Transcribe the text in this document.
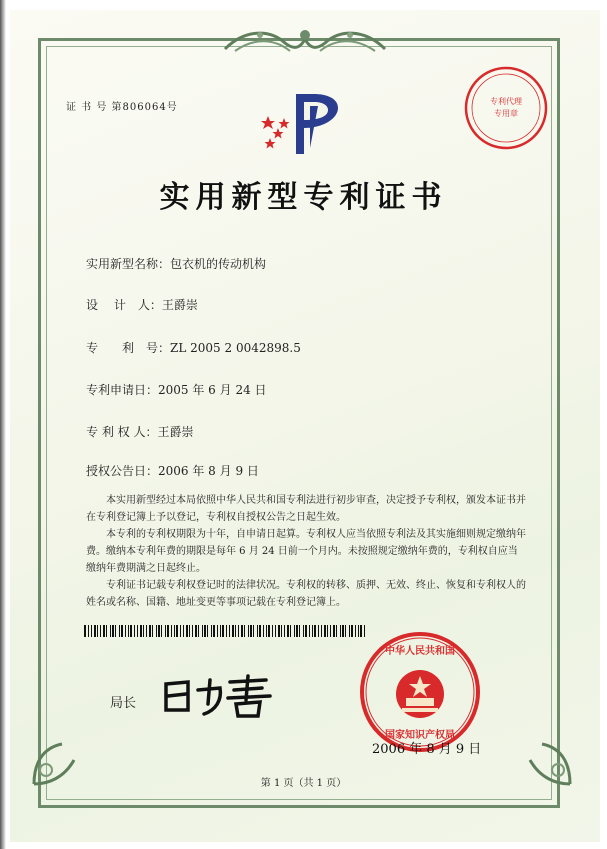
证 书 号 第806064号
专利代理
专用章
实用新型专利证书
实用新型名称：包衣机的传动机构
设　 计　人：王爵崇
专　　利　号：ZL 2005 2 0042898.5
专利申请日：2005 年 6 月 24 日
专 利 权 人：王爵崇
授权公告日：2006 年 8 月 9 日

本实用新型经过本局依照中华人民共和国专利法进行初步审查，决定授予专利权，颁发本证书并在专利登记簿上予以登记，专利权自授权公告之日起生效。

本专利的专利权期限为十年，自申请日起算。专利权人应当依照专利法及其实施细则规定缴纳年费。缴纳本专利年费的期限是每年 6 月 24 日前一个月内。未按照规定缴纳年费的，专利权自应当缴纳年费期满之日起终止。

专利证书记载专利权登记时的法律状况。专利权的转移、质押、无效、终止、恢复和专利权人的姓名或名称、国籍、地址变更等事项记载在专利登记簿上。

局长
中华人民共和国
国家知识产权局
2006 年 8 月 9 日
第 1 页（共 1 页）
